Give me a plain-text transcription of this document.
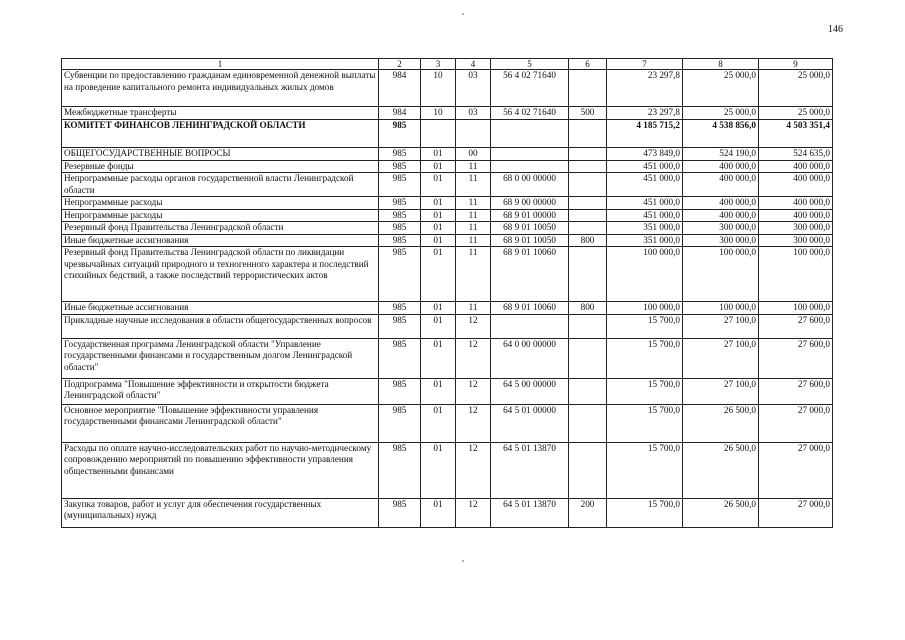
146
1	2	3	4	5	6	7	8	9
Субвенции по предоставлению гражданам единовременной денежной выплаты на проведение капитального ремонта индивидуальных жилых домов	984	10	03	56 4 02 71640		23 297,8	25 000,0	25 000,0
Межбюджетные трансферты	984	10	03	56 4 02 71640	500	23 297,8	25 000,0	25 000,0
КОМИТЕТ ФИНАНСОВ ЛЕНИНГРАДСКОЙ ОБЛАСТИ	985					4 185 715,2	4 538 856,0	4 503 351,4
ОБЩЕГОСУДАРСТВЕННЫЕ ВОПРОСЫ	985	01	00			473 849,0	524 190,0	524 635,0
Резервные фонды	985	01	11			451 000,0	400 000,0	400 000,0
Непрограммные расходы органов государственной власти Ленинградской области	985	01	11	68 0 00 00000		451 000,0	400 000,0	400 000,0
Непрограммные расходы	985	01	11	68 9 00 00000		451 000,0	400 000,0	400 000,0
Непрограммные расходы	985	01	11	68 9 01 00000		451 000,0	400 000,0	400 000,0
Резервный фонд Правительства Ленинградской области	985	01	11	68 9 01 10050		351 000,0	300 000,0	300 000,0
Иные бюджетные ассигнования	985	01	11	68 9 01 10050	800	351 000,0	300 000,0	300 000,0
Резервный фонд Правительства Ленинградской области по ликвидации чрезвычайных ситуаций природного и техногенного характера и последствий стихийных бедствий, а также последствий террористических актов	985	01	11	68 9 01 10060		100 000,0	100 000,0	100 000,0
Иные бюджетные ассигнования	985	01	11	68 9 01 10060	800	100 000,0	100 000,0	100 000,0
Прикладные научные исследования в области общегосударственных вопросов	985	01	12			15 700,0	27 100,0	27 600,0
Государственная программа Ленинградской области "Управление государственными финансами и государственным долгом Ленинградской области"	985	01	12	64 0 00 00000		15 700,0	27 100,0	27 600,0
Подпрограмма "Повышение эффективности и открытости бюджета Ленинградской области"	985	01	12	64 5 00 00000		15 700,0	27 100,0	27 600,0
Основное мероприятие "Повышение эффективности управления государственными финансами Ленинградской области"	985	01	12	64 5 01 00000		15 700,0	26 500,0	27 000,0
Расходы по оплате научно-исследовательских работ по научно-методическому сопровождению мероприятий по повышению эффективности управления общественными финансами	985	01	12	64 5 01 13870		15 700,0	26 500,0	27 000,0
Закупка товаров, работ и услуг для обеспечения государственных (муниципальных) нужд	985	01	12	64 5 01 13870	200	15 700,0	26 500,0	27 000,0
